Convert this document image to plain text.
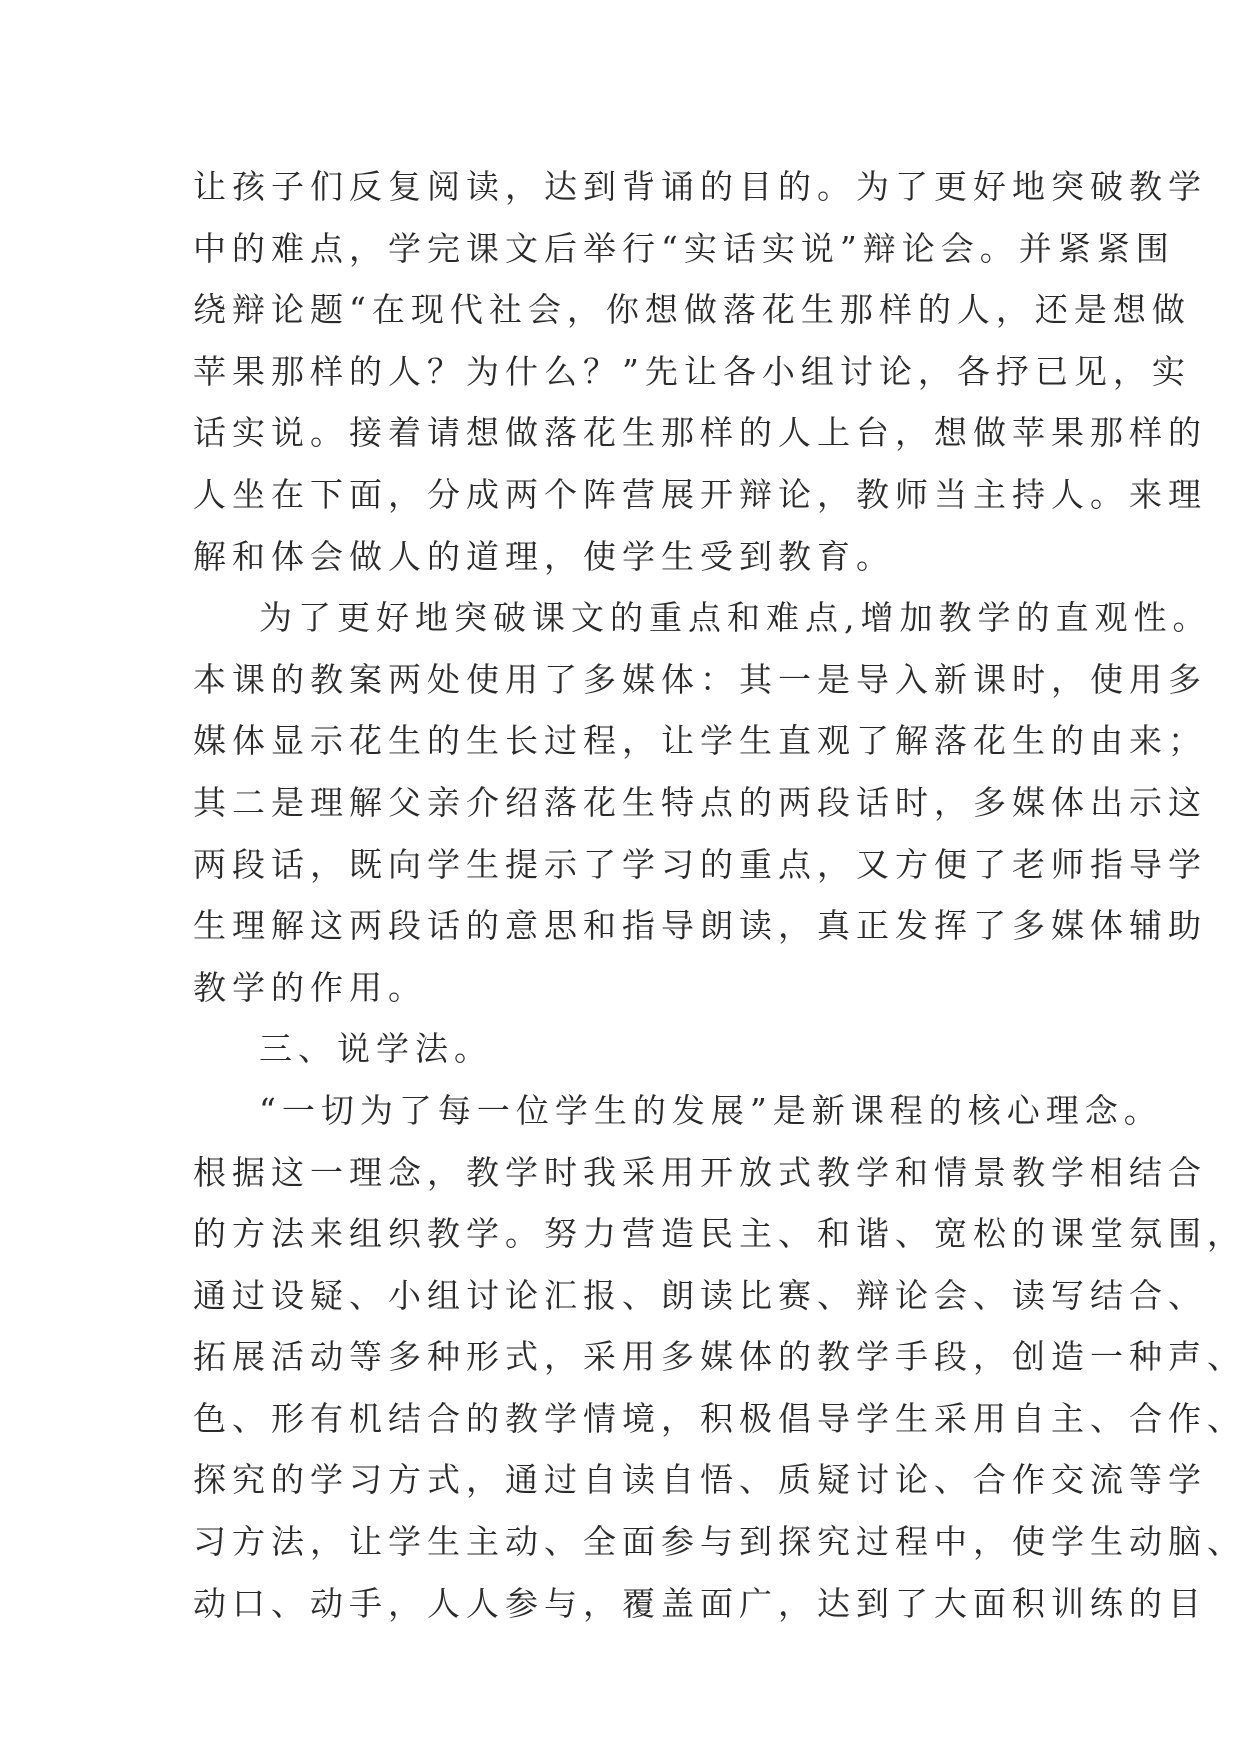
让孩子们反复阅读，达到背诵的目的。为了更好地突破教学
中的难点，学完课文后举行“实话实说”辩论会。并紧紧围
绕辩论题“在现代社会，你想做落花生那样的人，还是想做
苹果那样的人？为什么？”先让各小组讨论，各抒已见，实
话实说。接着请想做落花生那样的人上台，想做苹果那样的
人坐在下面，分成两个阵营展开辩论，教师当主持人。来理
解和体会做人的道理，使学生受到教育。
为了更好地突破课文的重点和难点,增加教学的直观性。
本课的教案两处使用了多媒体：其一是导入新课时，使用多
媒体显示花生的生长过程，让学生直观了解落花生的由来；
其二是理解父亲介绍落花生特点的两段话时，多媒体出示这
两段话，既向学生提示了学习的重点，又方便了老师指导学
生理解这两段话的意思和指导朗读，真正发挥了多媒体辅助
教学的作用。
三、说学法。
“一切为了每一位学生的发展”是新课程的核心理念。
根据这一理念，教学时我采用开放式教学和情景教学相结合
的方法来组织教学。努力营造民主、和谐、宽松的课堂氛围，
通过设疑、小组讨论汇报、朗读比赛、辩论会、读写结合、
拓展活动等多种形式，采用多媒体的教学手段，创造一种声、
色、形有机结合的教学情境，积极倡导学生采用自主、合作、
探究的学习方式，通过自读自悟、质疑讨论、合作交流等学
习方法，让学生主动、全面参与到探究过程中，使学生动脑、
动口、动手，人人参与，覆盖面广，达到了大面积训练的目
